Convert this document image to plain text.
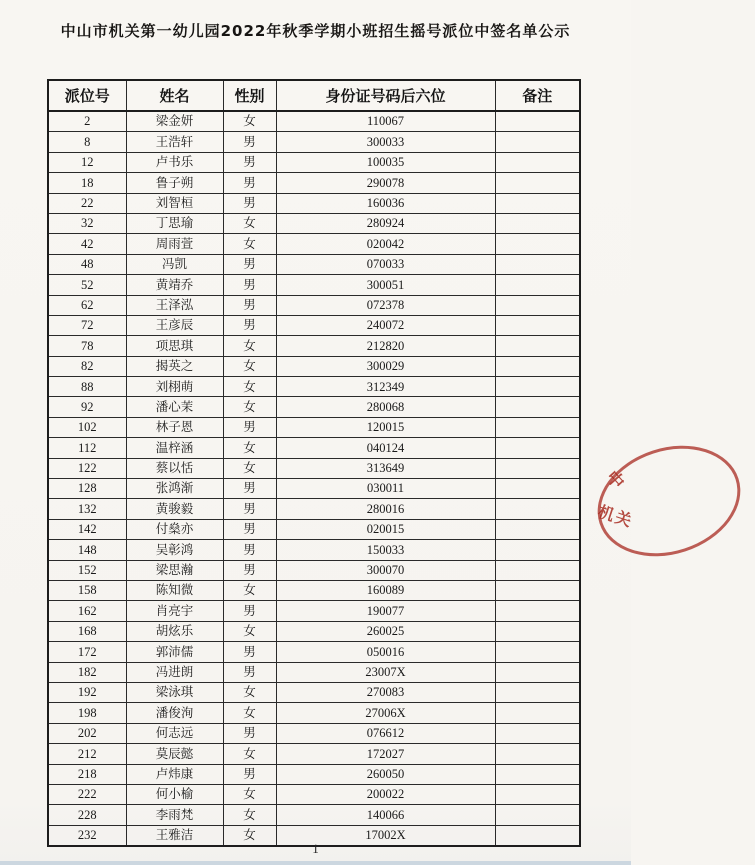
中山市机关第一幼儿园2022年秋季学期小班招生摇号派位中签名单公示
派位号	姓名	性别	身份证号码后六位	备注
2	梁金妍	女	110067	
8	王浩轩	男	300033	
12	卢书乐	男	100035	
18	鲁子朔	男	290078	
22	刘智桓	男	160036	
32	丁思瑜	女	280924	
42	周雨萱	女	020042	
48	冯凯	男	070033	
52	黄靖乔	男	300051	
62	王泽泓	男	072378	
72	王彦辰	男	240072	
78	项思琪	女	212820	
82	揭英之	女	300029	
88	刘栩萌	女	312349	
92	潘心茉	女	280068	
102	林子恩	男	120015	
112	温梓涵	女	040124	
122	蔡以恬	女	313649	
128	张鸿渐	男	030011	
132	黄骏毅	男	280016	
142	付燊亦	男	020015	
148	吴彰鸿	男	150033	
152	梁思瀚	男	300070	
158	陈知微	女	160089	
162	肖亮宇	男	190077	
168	胡炫乐	女	260025	
172	郭沛儒	男	050016	
182	冯进朗	男	23007X	
192	梁泳琪	女	270083	
198	潘俊洵	女	27006X	
202	何志远	男	076612	
212	莫辰懿	女	172027	
218	卢炜康	男	260050	
222	何小榆	女	200022	
228	李雨梵	女	140066	
232	王雅洁	女	17002X	
中
机关
1
